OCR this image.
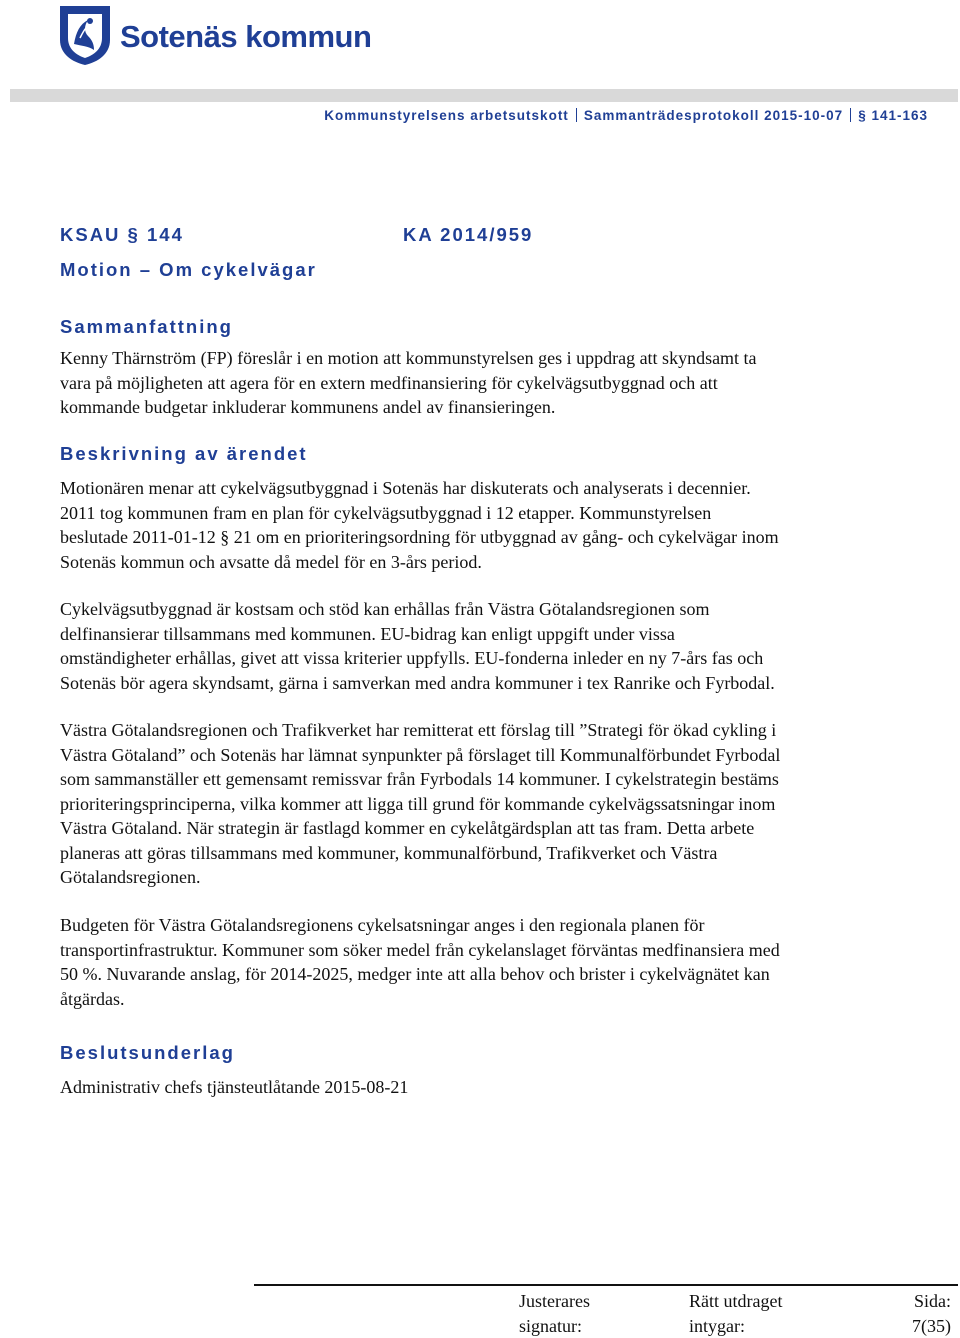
Sotenäs kommun
Kommunstyrelsens arbetsutskott Sammanträdesprotokoll 2015-10-07 § 141-163
KSAU § 144	KA 2014/959
Motion – Om cykelvägar
Sammanfattning
Kenny Thärnström (FP) föreslår i en motion att kommunstyrelsen ges i uppdrag att skyndsamt ta
vara på möjligheten att agera för en extern medfinansiering för cykelvägsutbyggnad och att
kommande budgetar inkluderar kommunens andel av finansieringen.
Beskrivning av ärendet
Motionären menar att cykelvägsutbyggnad i Sotenäs har diskuterats och analyserats i decennier.
2011 tog kommunen fram en plan för cykelvägsutbyggnad i 12 etapper. Kommunstyrelsen
beslutade 2011-01-12 § 21 om en prioriteringsordning för utbyggnad av gång- och cykelvägar inom
Sotenäs kommun och avsatte då medel för en 3-års period.
Cykelvägsutbyggnad är kostsam och stöd kan erhållas från Västra Götalandsregionen som
delfinansierar tillsammans med kommunen. EU-bidrag kan enligt uppgift under vissa
omständigheter erhållas, givet att vissa kriterier uppfylls. EU-fonderna inleder en ny 7-års fas och
Sotenäs bör agera skyndsamt, gärna i samverkan med andra kommuner i tex Ranrike och Fyrbodal.
Västra Götalandsregionen och Trafikverket har remitterat ett förslag till ”Strategi för ökad cykling i
Västra Götaland” och Sotenäs har lämnat synpunkter på förslaget till Kommunalförbundet Fyrbodal
som sammanställer ett gemensamt remissvar från Fyrbodals 14 kommuner. I cykelstrategin bestäms
prioriteringsprinciperna, vilka kommer att ligga till grund för kommande cykelvägssatsningar inom
Västra Götaland. När strategin är fastlagd kommer en cykelåtgärdsplan att tas fram. Detta arbete
planeras att göras tillsammans med kommuner, kommunalförbund, Trafikverket och Västra
Götalandsregionen.
Budgeten för Västra Götalandsregionens cykelsatsningar anges i den regionala planen för
transportinfrastruktur. Kommuner som söker medel från cykelanslaget förväntas medfinansiera med
50 %. Nuvarande anslag, för 2014-2025, medger inte att alla behov och brister i cykelvägnätet kan
åtgärdas.
Beslutsunderlag
Administrativ chefs tjänsteutlåtande 2015-08-21
Justerares
signatur:
Rätt utdraget
intygar:
Sida:
7(35)
